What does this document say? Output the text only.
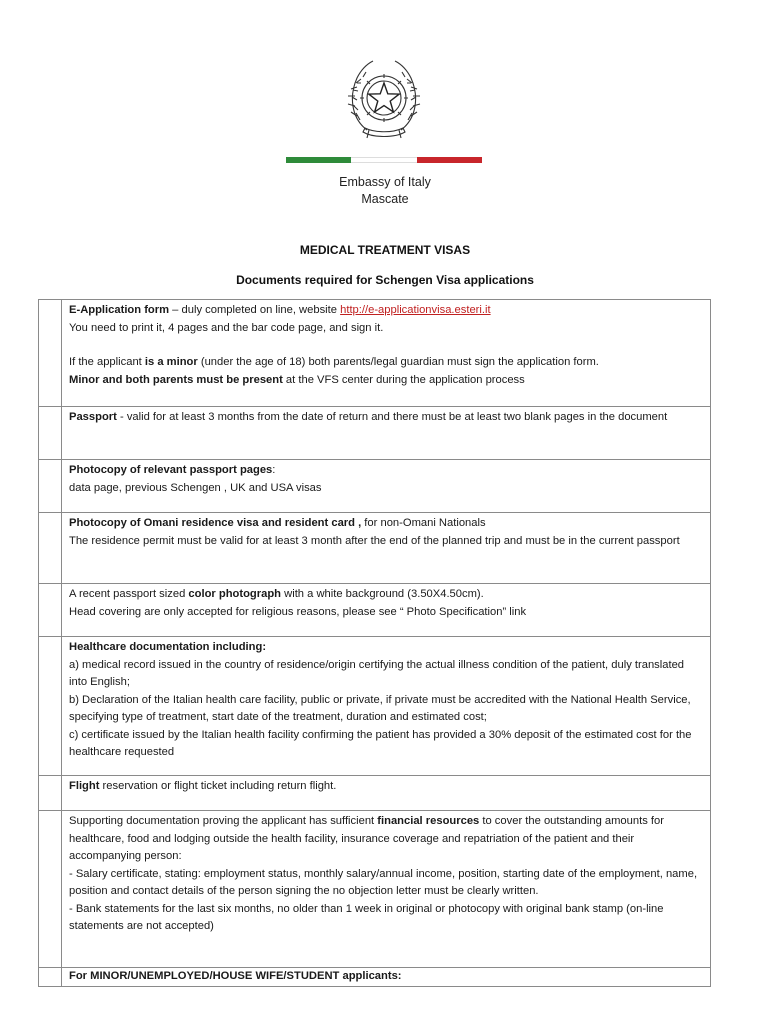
Embassy of Italy
Mascate
MEDICAL TREATMENT VISAS
Documents required for Schengen Visa applications

	E-Application form – duly completed on line, website http://e-applicationvisa.esteri.it

You need to print it, 4 pages and the bar code page, and sign it.

If the applicant is a minor (under the age of 18) both parents/legal guardian must sign the application form.

Minor and both parents must be present at the VFS center during the application process

	Passport - valid for at least 3 months from the date of return and there must be at least two blank pages in the document

	Photocopy of relevant passport pages:

data page, previous Schengen , UK and USA visas

	Photocopy of Omani residence visa and resident card , for non-Omani Nationals

The residence permit must be valid for at least 3 month after the end of the planned trip and must be in the current passport

	A recent passport sized color photograph with a white background (3.50X4.50cm).

Head covering are only accepted for religious reasons, please see “ Photo Specification” link

	Healthcare documentation including:

a) medical record issued in the country of residence/origin certifying the actual illness condition of the patient, duly translated into English;

b) Declaration of the Italian health care facility, public or private, if private must be accredited with the National Health Service, specifying type of treatment, start date of the treatment, duration and estimated cost;

c) certificate issued by the Italian health facility confirming the patient has provided a 30% deposit of the estimated cost for the healthcare requested

	Flight reservation or flight ticket including return flight.

	Supporting documentation proving the applicant has sufficient financial resources to cover the outstanding amounts for healthcare, food and lodging outside the health facility, insurance coverage and repatriation of the patient and their accompanying person:

- Salary certificate, stating: employment status, monthly salary/annual income, position, starting date of the employment, name, position and contact details of the person signing the no objection letter must be clearly written.

- Bank statements for the last six months, no older than 1 week in original or photocopy with original bank stamp (on-line statements are not accepted)

	For MINOR/UNEMPLOYED/HOUSE WIFE/STUDENT applicants:
